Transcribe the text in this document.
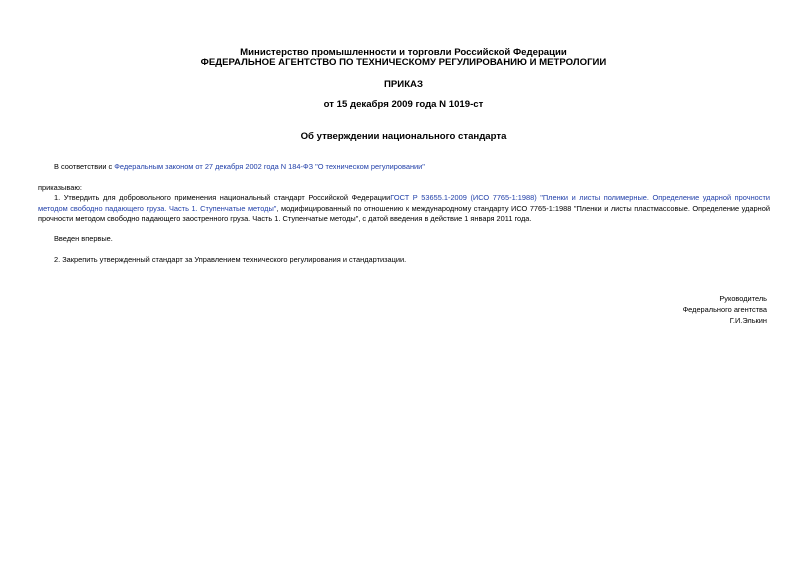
Министерство промышленности и торговли Российской Федерации
ФЕДЕРАЛЬНОЕ АГЕНТСТВО ПО ТЕХНИЧЕСКОМУ РЕГУЛИРОВАНИЮ И МЕТРОЛОГИИ
ПРИКАЗ
от 15 декабря 2009 года N 1019-ст
Об утверждении национального стандарта
В соответствии с Федеральным законом от 27 декабря 2002 года N 184-ФЗ "О техническом регулировании"
приказываю:
1. Утвердить для добровольного применения национальный стандарт Российской ФедерацииГОСТ Р 53655.1-2009 (ИСО 7765-1:1988) "Пленки и листы полимерные. Определение ударной прочности методом свободно падающего груза. Часть 1. Ступенчатые методы", модифицированный по отношению к международному стандарту ИСО 7765-1:1988 "Пленки и листы пластмассовые. Определение ударной прочности методом свободно падающего заостренного груза. Часть 1. Ступенчатые методы", с датой введения в действие 1 января 2011 года.
Введен впервые.
2. Закрепить утвержденный стандарт за Управлением технического регулирования и стандартизации.
Руководитель
Федерального агентства
Г.И.Элькин
